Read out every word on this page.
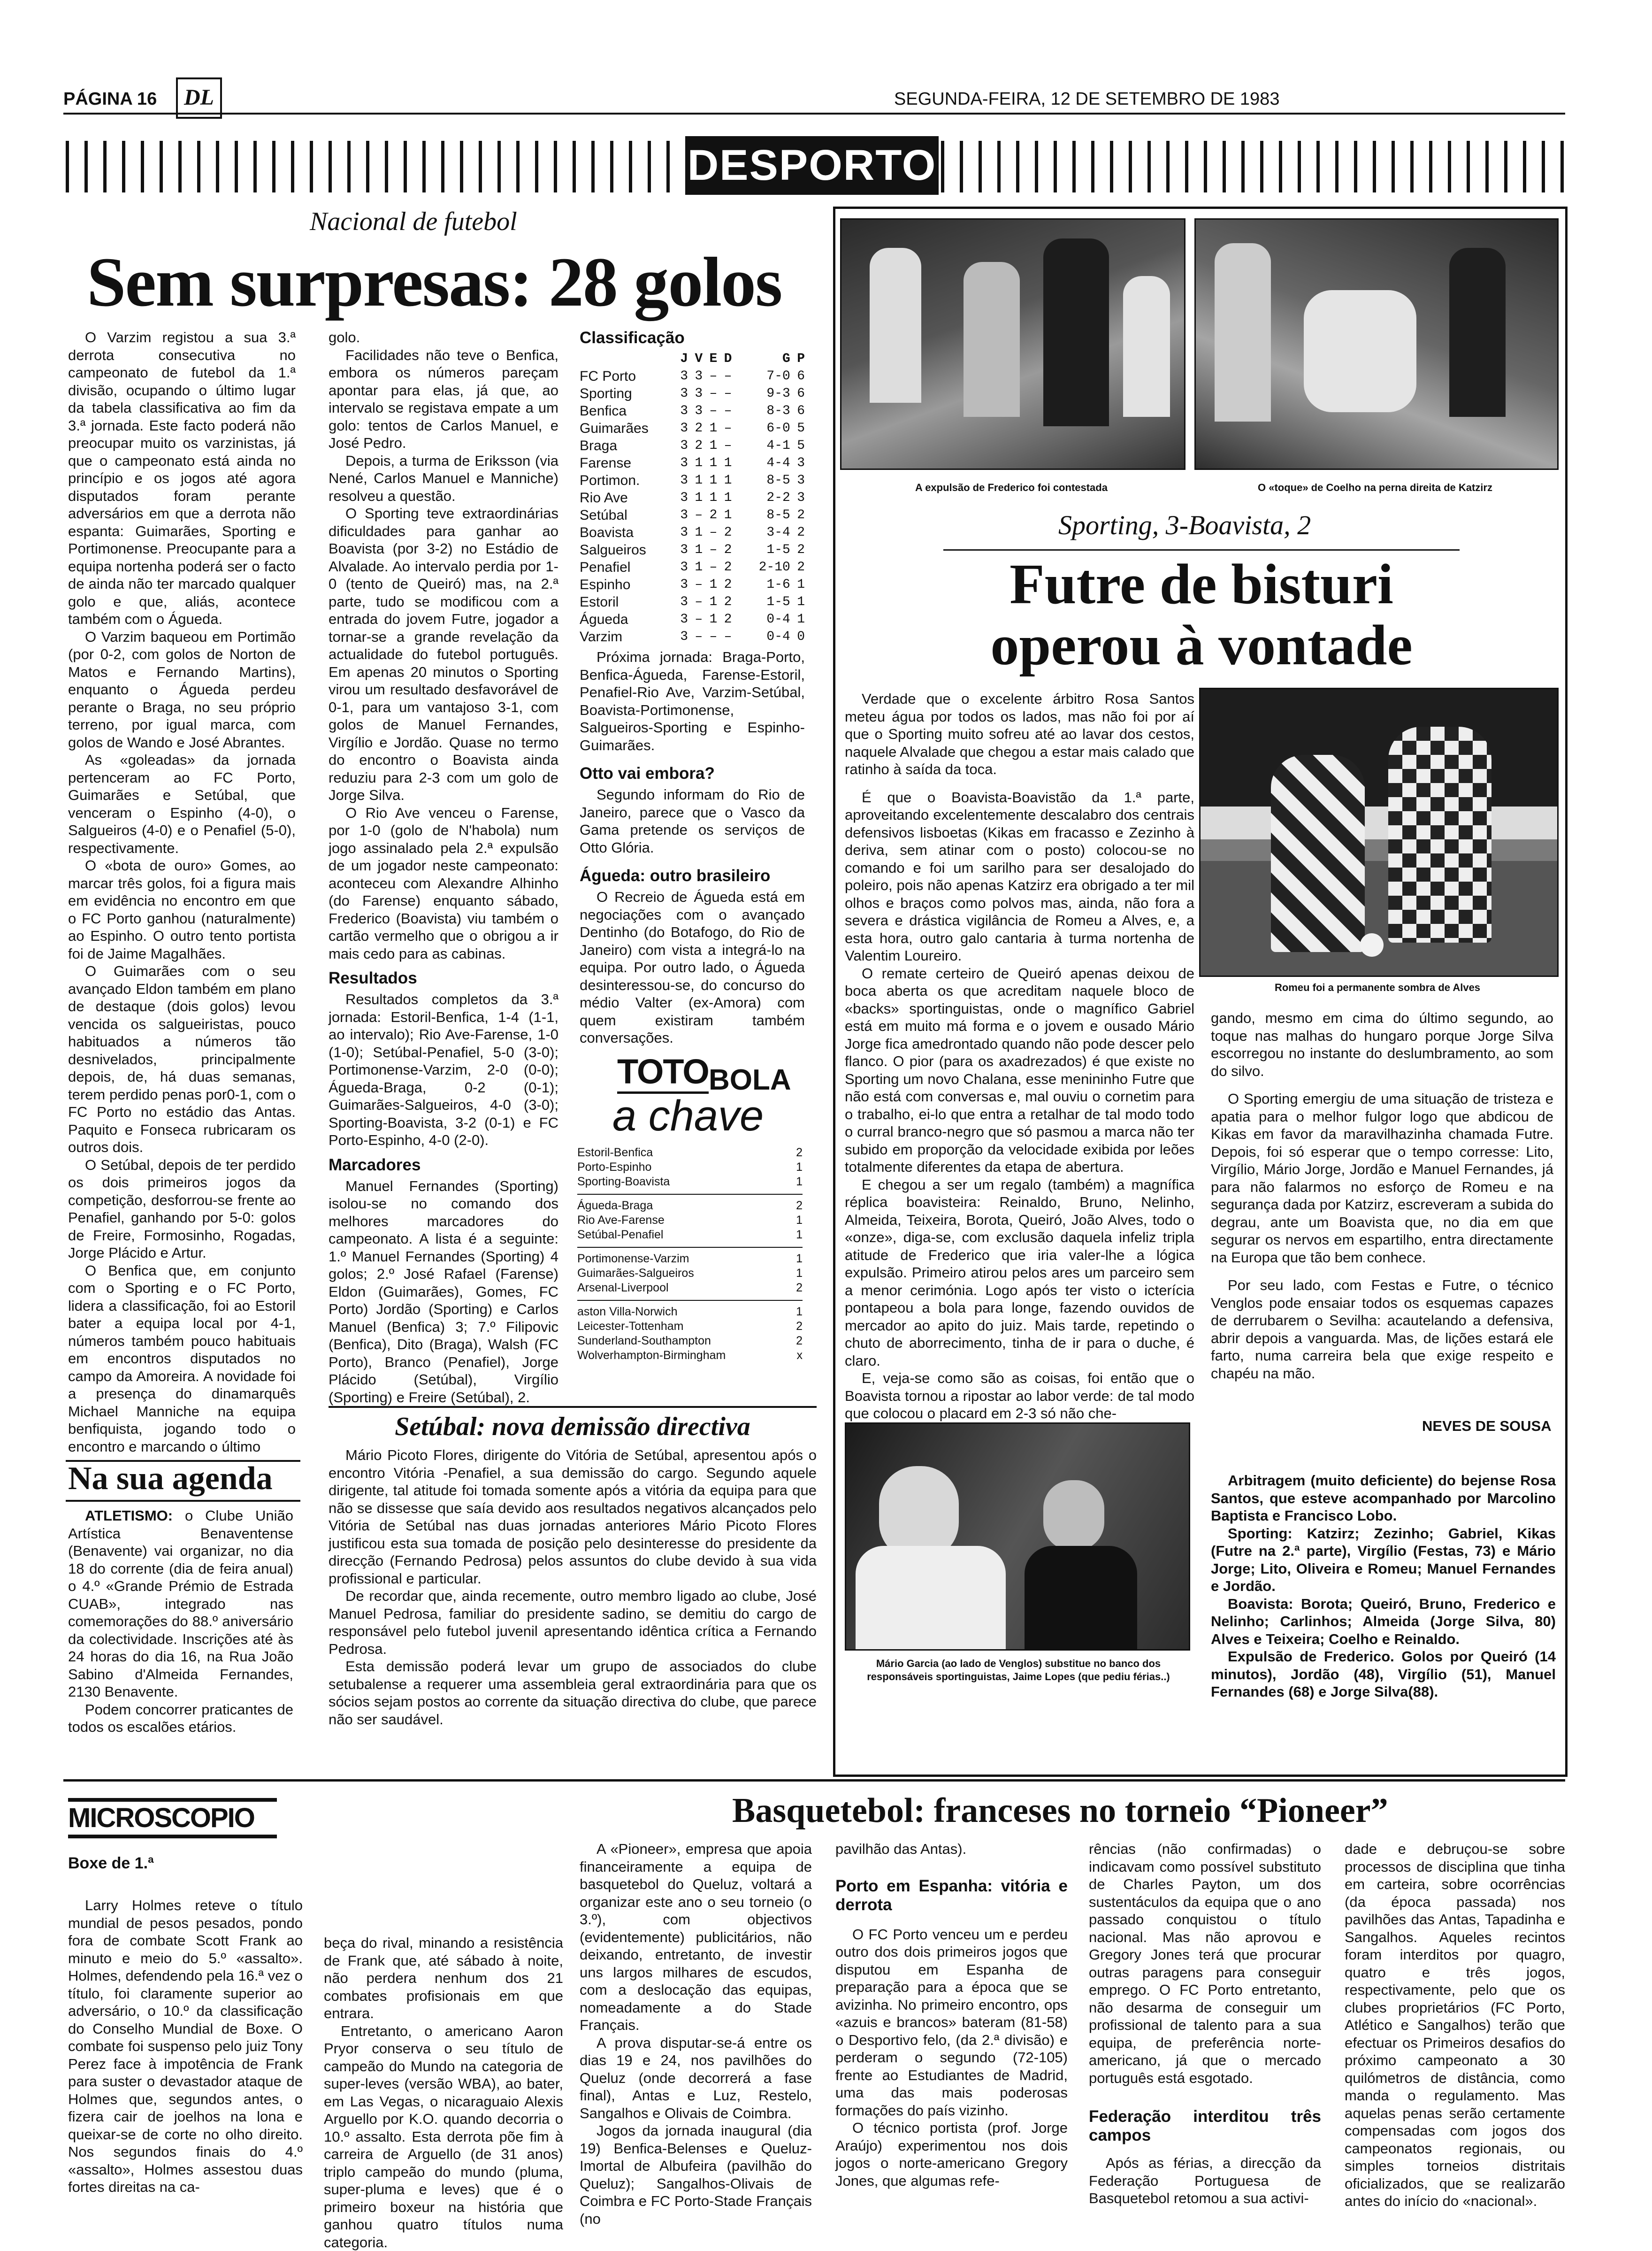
PÁGINA 16	DL	SEGUNDA-FEIRA, 12 DE SETEMBRO DE 1983
DESPORTO
Nacional de futebol
Sem surpresas: 28 golos

O Varzim registou a sua 3.ª derrota consecutiva no campeonato de futebol da 1.ª divisão, ocupando o último lugar da tabela classificativa ao fim da 3.ª jornada. Este facto poderá não preocupar muito os varzinistas, já que o campeonato está ainda no princípio e os jogos até agora disputados foram perante adversários em que a derrota não espanta: Guimarães, Sporting e Portimonense. Preocupante para a equipa nortenha poderá ser o facto de ainda não ter marcado qualquer golo e que, aliás, acontece também com o Águeda.

O Varzim baqueou em Portimão (por 0-2, com golos de Norton de Matos e Fernando Martins), enquanto o Águeda perdeu perante o Braga, no seu próprio terreno, por igual marca, com golos de Wando e José Abrantes.

As «goleadas» da jornada pertenceram ao FC Porto, Guimarães e Setúbal, que venceram o Espinho (4-0), o Salgueiros (4-0) e o Penafiel (5-0), respectivamente.

O «bota de ouro» Gomes, ao marcar três golos, foi a figura mais em evidência no encontro em que o FC Porto ganhou (naturalmente) ao Espinho. O outro tento portista foi de Jaime Magalhães.

O Guimarães com o seu avançado Eldon também em plano de destaque (dois golos) levou vencida os salgueiristas, pouco habituados a números tão desnivelados, principalmente depois, de, há duas semanas, terem perdido penas por0-1, com o FC Porto no estádio das Antas. Paquito e Fonseca rubricaram os outros dois.

O Setúbal, depois de ter perdido os dois primeiros jogos da competição, desforrou-se frente ao Penafiel, ganhando por 5-0: golos de Freire, Formosinho, Rogadas, Jorge Plácido e Artur.

O Benfica que, em conjunto com o Sporting e o FC Porto, lidera a classificação, foi ao Estoril bater a equipa local por 4-1, números também pouco habituais em encontros disputados no campo da Amoreira. A novidade foi a presença do dinamarquês Michael Manniche na equipa benfiquista, jogando todo o encontro e marcando o último

golo.

Facilidades não teve o Benfica, embora os números pareçam apontar para elas, já que, ao intervalo se registava empate a um golo: tentos de Carlos Manuel, e José Pedro.

Depois, a turma de Eriksson (via Nené, Carlos Manuel e Manniche) resolveu a questão.

O Sporting teve extraordinárias dificuldades para ganhar ao Boavista (por 3-2) no Estádio de Alvalade. Ao intervalo perdia por 1-0 (tento de Queiró) mas, na 2.ª parte, tudo se modificou com a entrada do jovem Futre, jogador a tornar-se a grande revelação da actualidade do futebol português. Em apenas 20 minutos o Sporting virou um resultado desfavorável de 0-1, para um vantajoso 3-1, com golos de Manuel Fernandes, Virgílio e Jordão. Quase no termo do encontro o Boavista ainda reduziu para 2-3 com um golo de Jorge Silva.

O Rio Ave venceu o Farense, por 1-0 (golo de N'habola) num jogo assinalado pela 2.ª expulsão de um jogador neste campeonato: aconteceu com Alexandre Alhinho (do Farense) enquanto sábado, Frederico (Boavista) viu também o cartão vermelho que o obrigou a ir mais cedo para as cabinas.

Resultados

Resultados completos da 3.ª jornada: Estoril-Benfica, 1-4 (1-1, ao intervalo); Rio Ave-Farense, 1-0 (1-0); Setúbal-Penafiel, 5-0 (3-0); Portimonense-Varzim, 2-0 (0-0); Águeda-Braga, 0-2 (0-1); Guimarães-Salgueiros, 4-0 (3-0); Sporting-Boavista, 3-2 (0-1) e FC Porto-Espinho, 4-0 (2-0).

Marcadores

Manuel Fernandes (Sporting) isolou-se no comando dos melhores marcadores do campeonato. A lista é a seguinte: 1.º Manuel Fernandes (Sporting) 4 golos; 2.º José Rafael (Farense) Eldon (Guimarães), Gomes, FC Porto) Jordão (Sporting) e Carlos Manuel (Benfica) 3; 7.º Filipovic (Benfica), Dito (Braga), Walsh (FC Porto), Branco (Penafiel), Jorge Plácido (Setúbal), Virgílio (Sporting) e Freire (Setúbal), 2.

Classificação
	J	V	E	D	G	P
FC Porto	3	3	–	–	7-0	6
Sporting	3	3	–	–	9-3	6
Benfica	3	3	–	–	8-3	6
Guimarães	3	2	1	–	6-0	5
Braga	3	2	1	–	4-1	5
Farense	3	1	1	1	4-4	3
Portimon.	3	1	1	1	8-5	3
Rio Ave	3	1	1	1	2-2	3
Setúbal	3	–	2	1	8-5	2
Boavista	3	1	–	2	3-4	2
Salgueiros	3	1	–	2	1-5	2
Penafiel	3	1	–	2	2-10	2
Espinho	3	–	1	2	1-6	1
Estoril	3	–	1	2	1-5	1
Águeda	3	–	1	2	0-4	1
Varzim	3	–	–	–	0-4	0
Próxima jornada: Braga-Porto, Benfica-Águeda, Farense-Estoril, Penafiel-Rio Ave, Varzim-Setúbal, Boavista-Portimonense, Salgueiros-Sporting e Espinho-Guimarães.
Otto vai embora?
Segundo informam do Rio de Janeiro, parece que o Vasco da Gama pretende os serviços de Otto Glória.
Águeda: outro brasileiro
O Recreio de Águeda está em negociações com o avançado Dentinho (do Botafogo, do Rio de Janeiro) com vista a integrá-lo na equipa. Por outro lado, o Águeda desinteressou-se, do concurso do médio Valter (ex-Amora) com quem existiram também conversações.
TOTO BOLA
a chave
Estoril-Benfica	2
Porto-Espinho	1
Sporting-Boavista	1
Águeda-Braga	2
Rio Ave-Farense	1
Setúbal-Penafiel	1
Portimonense-Varzim	1
Guimarães-Salgueiros	1
Arsenal-Liverpool	2
aston Villa-Norwich	1
Leicester-Tottenham	2
Sunderland-Southampton	2
Wolverhampton-Birmingham	x
Na sua agenda

ATLETISMO: o Clube União Artística Benaventense (Benavente) vai organizar, no dia 18 do corrente (dia de feira anual) o 4.º «Grande Prémio de Estrada CUAB», integrado nas comemorações do 88.º aniversário da colectividade. Inscrições até às 24 horas do dia 16, na Rua João Sabino d'Almeida Fernandes, 2130 Benavente.

Podem concorrer praticantes de todos os escalões etários.

Setúbal: nova demissão directiva

Mário Picoto Flores, dirigente do Vitória de Setúbal, apresentou após o encontro Vitória -Penafiel, a sua demissão do cargo. Segundo aquele dirigente, tal atitude foi tomada somente após a vitória da equipa para que não se dissesse que saía devido aos resultados negativos alcançados pelo Vitória de Setúbal nas duas jornadas anteriores Mário Picoto Flores justificou esta sua tomada de posição pelo desinteresse do presidente da direcção (Fernando Pedrosa) pelos assuntos do clube devido à sua vida profissional e particular.

De recordar que, ainda recemente, outro membro ligado ao clube, José Manuel Pedrosa, familiar do presidente sadino, se demitiu do cargo de responsável pelo futebol juvenil apresentando idêntica crítica a Fernando Pedrosa.

Esta demissão poderá levar um grupo de associados do clube setubalense a requerer uma assembleia geral extraordinária para que os sócios sejam postos ao corrente da situação directiva do clube, que parece não ser saudável.

A expulsão de Frederico foi contestada	O «toque» de Coelho na perna direita de Katzirz
Sporting, 3-Boavista, 2
Futre de bisturi
operou à vontade

Verdade que o excelente árbitro Rosa Santos meteu água por todos os lados, mas não foi por aí que o Sporting muito sofreu até ao lavar dos cestos, naquele Alvalade que chegou a estar mais calado que ratinho à saída da toca.

É que o Boavista-Boavistão da 1.ª parte, aproveitando excelentemente descalabro dos centrais defensivos lisboetas (Kikas em fracasso e Zezinho à deriva, sem atinar com o posto) colocou-se no comando e foi um sarilho para ser desalojado do poleiro, pois não apenas Katzirz era obrigado a ter mil olhos e braços como polvos mas, ainda, não fora a severa e drástica vigilância de Romeu a Alves, e, a esta hora, outro galo cantaria à turma nortenha de Valentim Loureiro.

O remate certeiro de Queiró apenas deixou de boca aberta os que acreditam naquele bloco de «backs» sportinguistas, onde o magnífico Gabriel está em muito má forma e o jovem e ousado Mário Jorge fica amedrontado quando não pode descer pelo flanco. O pior (para os axadrezados) é que existe no Sporting um novo Chalana, esse menininho Futre que não está com conversas e, mal ouviu o cornetim para o trabalho, ei-lo que entra a retalhar de tal modo todo o curral branco-negro que só pasmou a marca não ter subido em proporção da velocidade exibida por leões totalmente diferentes da etapa de abertura.

E chegou a ser um regalo (também) a magnífica réplica boavisteira: Reinaldo, Bruno, Nelinho, Almeida, Teixeira, Borota, Queiró, João Alves, todo o «onze», diga-se, com exclusão daquela infeliz tripla atitude de Frederico que iria valer-lhe a lógica expulsão. Primeiro atirou pelos ares um parceiro sem a menor cerimónia. Logo após ter visto o icterícia pontapeou a bola para longe, fazendo ouvidos de mercador ao apito do juiz. Mais tarde, repetindo o chuto de aborrecimento, tinha de ir para o duche, é claro.

E, veja-se como são as coisas, foi então que o Boavista tornou a ripostar ao labor verde: de tal modo que colocou o placard em 2-3 só não che-

Romeu foi a permanente sombra de Alves

gando, mesmo em cima do último segundo, ao toque nas malhas do hungaro porque Jorge Silva escorregou no instante do deslumbramento, ao som do silvo.

O Sporting emergiu de uma situação de tristeza e apatia para o melhor fulgor logo que abdicou de Kikas em favor da maravilhazinha chamada Futre. Depois, foi só esperar que o tempo corresse: Lito, Virgílio, Mário Jorge, Jordão e Manuel Fernandes, já para não falarmos no esforço de Romeu e na segurança dada por Katzirz, escreveram a subida do degrau, ante um Boavista que, no dia em que segurar os nervos em espartilho, entra directamente na Europa que tão bem conhece.

Por seu lado, com Festas e Futre, o técnico Venglos pode ensaiar todos os esquemas capazes de derrubarem o Sevilha: acautelando a defensiva, abrir depois a vanguarda. Mas, de lições estará ele farto, numa carreira bela que exige respeito e chapéu na mão.

NEVES DE SOUSA
Mário Garcia (ao lado de Venglos) substitue no banco dos responsáveis sportinguistas, Jaime Lopes (que pediu férias..)

Arbitragem (muito deficiente) do bejense Rosa Santos, que esteve acompanhado por Marcolino Baptista e Francisco Lobo.

Sporting: Katzirz; Zezinho; Gabriel, Kikas (Futre na 2.ª parte), Virgílio (Festas, 73) e Mário Jorge; Lito, Oliveira e Romeu; Manuel Fernandes e Jordão.

Boavista: Borota; Queiró, Bruno, Frederico e Nelinho; Carlinhos; Almeida (Jorge Silva, 80) Alves e Teixeira; Coelho e Reinaldo.

Expulsão de Frederico. Golos por Queiró (14 minutos), Jordão (48), Virgílio (51), Manuel Fernandes (68) e Jorge Silva(88).

MICROSCOPIO
Boxe de 1.ª

Larry Holmes reteve o título mundial de pesos pesados, pondo fora de combate Scott Frank ao minuto e meio do 5.º «assalto». Holmes, defendendo pela 16.ª vez o título, foi claramente superior ao adversário, o 10.º da classificação do Conselho Mundial de Boxe. O combate foi suspenso pelo juiz Tony Perez face à impotência de Frank para suster o devastador ataque de Holmes que, segundos antes, o fizera cair de joelhos na lona e queixar-se de corte no olho direito. Nos segundos finais do 4.º «assalto», Holmes assestou duas fortes direitas na ca-

beça do rival, minando a resistência de Frank que, até sábado à noite, não perdera nenhum dos 21 combates profisionais em que entrara.

Entretanto, o americano Aaron Pryor conserva o seu título de campeão do Mundo na categoria de super-leves (versão WBA), ao bater, em Las Vegas, o nicaraguaio Alexis Arguello por K.O. quando decorria o 10.º assalto. Esta derrota põe fim à carreira de Arguello (de 31 anos) triplo campeão do mundo (pluma, super-pluma e leves) que é o primeiro boxeur na história que ganhou quatro títulos numa categoria.

Basquetebol: franceses no torneio “Pioneer”

A «Pioneer», empresa que apoia financeiramente a equipa de basquetebol do Queluz, voltará a organizar este ano o seu torneio (o 3.º), com objectivos (evidentemente) publicitários, não deixando, entretanto, de investir uns largos milhares de escudos, com a deslocação das equipas, nomeadamente a do Stade Français.

A prova disputar-se-á entre os dias 19 e 24, nos pavilhões do Queluz (onde decorrerá a fase final), Antas e Luz, Restelo, Sangalhos e Olivais de Coimbra.

Jogos da jornada inaugural (dia 19) Benfica-Belenses e Queluz-Imortal de Albufeira (pavilhão do Queluz); Sangalhos-Olivais de Coimbra e FC Porto-Stade Français (no

pavilhão das Antas).

Porto em Espanha: vitória e derrota

O FC Porto venceu um e perdeu outro dos dois primeiros jogos que disputou em Espanha de preparação para a época que se avizinha. No primeiro encontro, ops «azuis e brancos» bateram (81-58) o Desportivo felo, (da 2.ª divisão) e perderam o segundo (72-105) frente ao Estudiantes de Madrid, uma das mais poderosas formações do país vizinho.

O técnico portista (prof. Jorge Araújo) experimentou nos dois jogos o norte-americano Gregory Jones, que algumas refe-

rências (não confirmadas) o indicavam como possível substituto de Charles Payton, um dos sustentáculos da equipa que o ano passado conquistou o título nacional. Mas não aprovou e Gregory Jones terá que procurar outras paragens para conseguir emprego. O FC Porto entretanto, não desarma de conseguir um profissional de talento para a sua equipa, de preferência norte-americano, já que o mercado português está esgotado.

Federação interditou três campos

Após as férias, a direcção da Federação Portuguesa de Basquetebol retomou a sua activi-

dade e debruçou-se sobre processos de disciplina que tinha em carteira, sobre ocorrências (da época passada) nos pavilhões das Antas, Tapadinha e Sangalhos. Aqueles recintos foram interditos por quagro, quatro e três jogos, respectivamente, pelo que os clubes proprietários (FC Porto, Atlético e Sangalhos) terão que efectuar os Primeiros desafios do próximo campeonato a 30 quilómetros de distância, como manda o regulamento. Mas aquelas penas serão certamente compensadas com jogos dos campeonatos regionais, ou simples torneios distritais oficializados, que se realizarão antes do início do «nacional».
